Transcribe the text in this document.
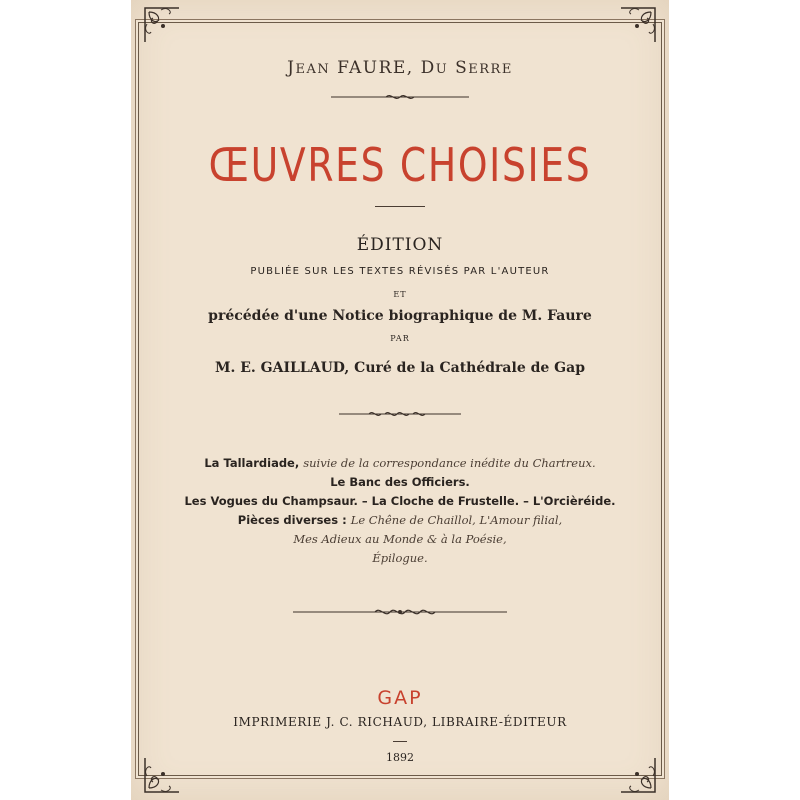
JEAN FAURE, DU SERRE
ŒUVRES CHOISIES
ÉDITION
PUBLIÉE SUR LES TEXTES RÉVISÉS PAR L'AUTEUR
ET
précédée d'une Notice biographique de M. Faure
PAR
M. E. GAILLAUD, Curé de la Cathédrale de Gap
La Tallardiade, suivie de la correspondance inédite du Chartreux.
Le Banc des Officiers.
Les Vogues du Champsaur. – La Cloche de Frustelle. – L'Orcièréide.
Pièces diverses : Le Chêne de Chaillol, L'Amour filial,
Mes Adieux au Monde & à la Poésie,
Épilogue.
GAP
IMPRIMERIE J. C. RICHAUD, LIBRAIRE-ÉDITEUR
1892
